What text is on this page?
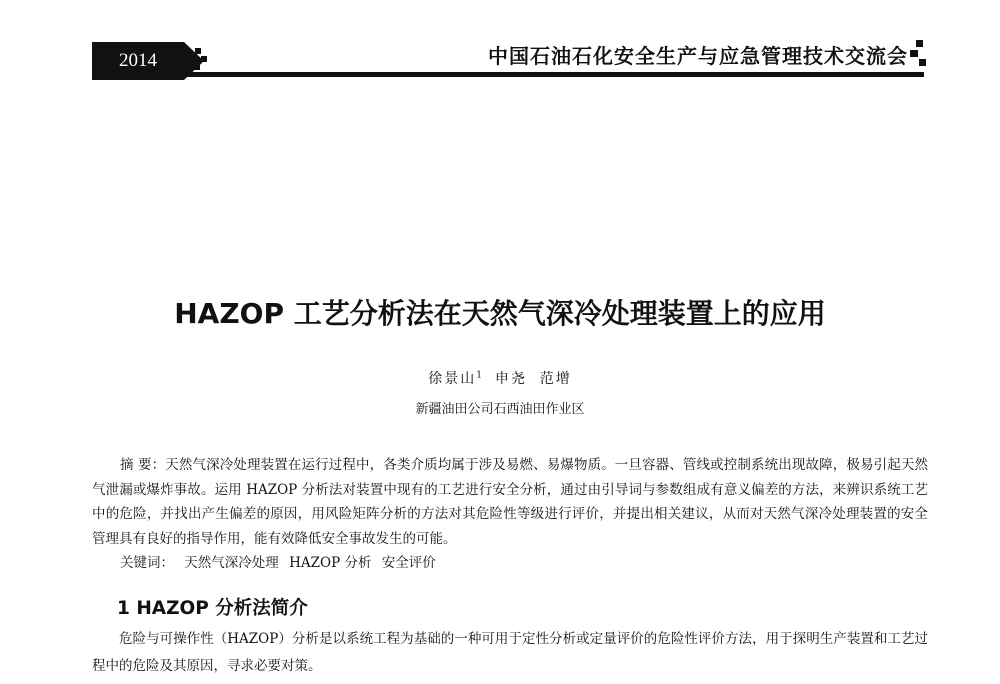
2014	中国石油石化安全生产与应急管理技术交流会
HAZOP 工艺分析法在天然气深冷处理装置上的应用
徐景山$^1$ 申尧 范增
新疆油田公司石西油田作业区
摘 要：天然气深冷处理装置在运行过程中，各类介质均属于涉及易燃、易爆物质。一旦容器、管线或控制系统出现故障，极易引起天然气泄漏或爆炸事故。运用 HAZOP 分析法对装置中现有的工艺进行安全分析，通过由引导词与参数组成有意义偏差的方法，来辨识系统工艺中的危险，并找出产生偏差的原因，用风险矩阵分析的方法对其危险性等级进行评价，并提出相关建议，从而对天然气深冷处理装置的安全管理具有良好的指导作用，能有效降低安全事故发生的可能。
关键词： 天然气深冷处理 HAZOP 分析 安全评价
1 HAZOP 分析法简介
危险与可操作性（HAZOP）分析是以系统工程为基础的一种可用于定性分析或定量评价的危险性评价方法，用于探明生产装置和工艺过程中的危险及其原因，寻求必要对策。
